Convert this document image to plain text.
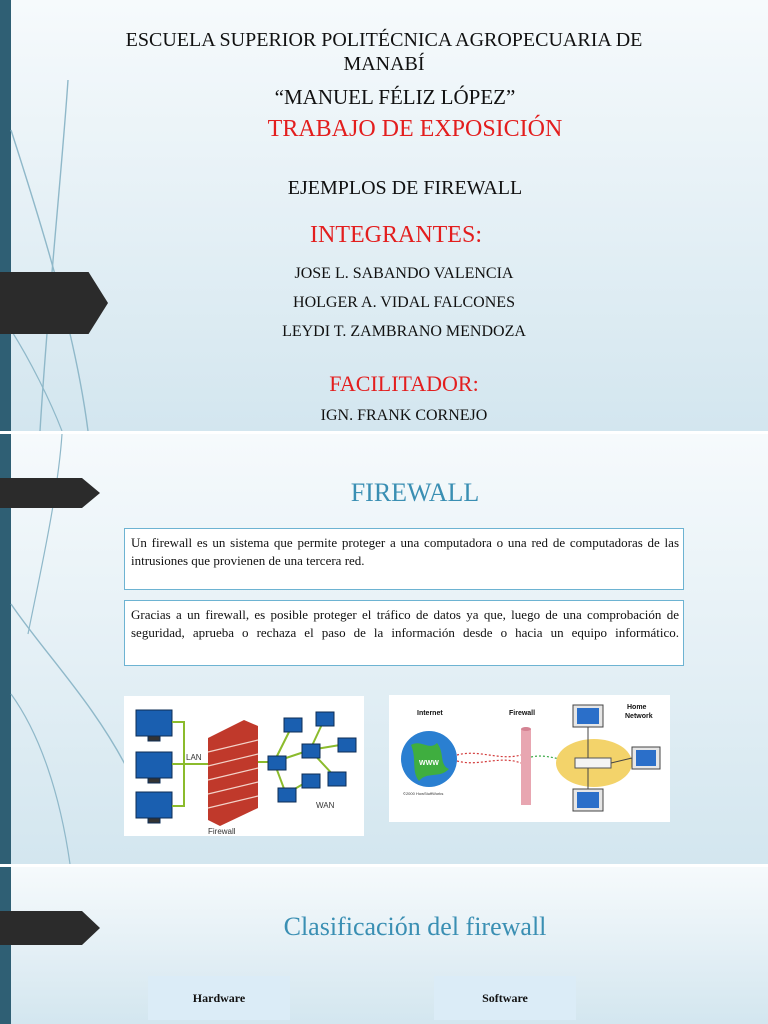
ESCUELA SUPERIOR POLITÉCNICA AGROPECUARIA DE
MANABÍ
“MANUEL FÉLIZ LÓPEZ”
TRABAJO DE EXPOSICIÓN
EJEMPLOS DE FIREWALL
INTEGRANTES:
JOSE L. SABANDO VALENCIA
HOLGER A. VIDAL FALCONES
LEYDI T. ZAMBRANO MENDOZA
FACILITADOR:
IGN. FRANK CORNEJO
FIREWALL
Un firewall es un sistema que permite proteger a una computadora o una red de computadoras de las intrusiones que provienen de una tercera red.
Gracias a un firewall, es posible proteger el tráfico de datos ya que, luego de una comprobación de seguridad, aprueba o rechaza el paso de la información desde o hacia un equipo informático.
LAN
Firewall
WAN
Internet	Firewall
Home
Network
WWW
©2000 HowStuffWorks
Clasificación del firewall
Hardware	Software
